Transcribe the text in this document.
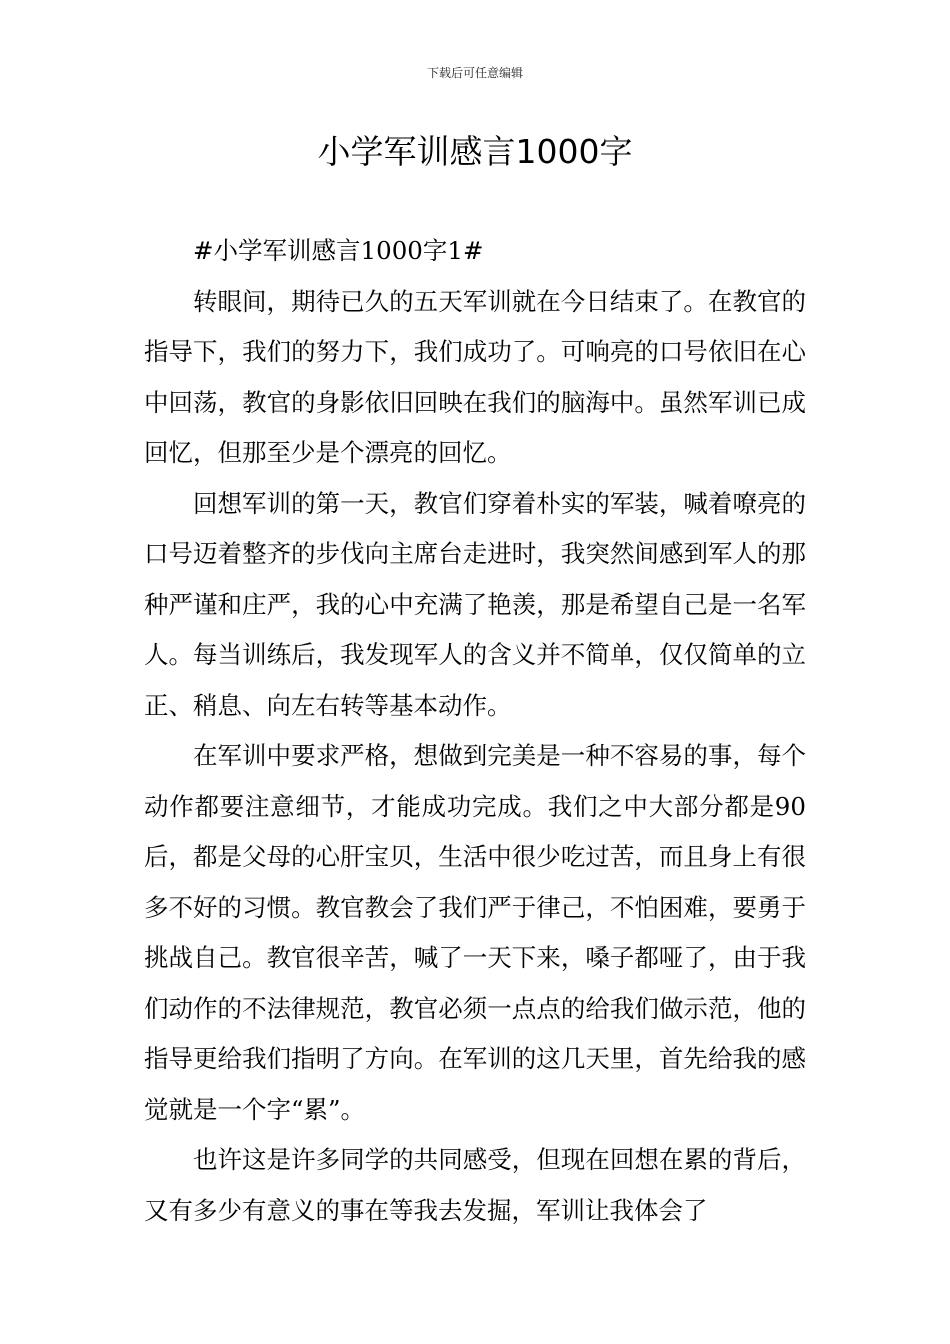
下载后可任意编辑
小学军训感言1000字

#小学军训感言1000字1#

转眼间，期待已久的五天军训就在今日结束了。在教官的指导下，我们的努力下，我们成功了。可响亮的口号依旧在心中回荡，教官的身影依旧回映在我们的脑海中。虽然军训已成回忆，但那至少是个漂亮的回忆。

回想军训的第一天，教官们穿着朴实的军装，喊着嘹亮的口号迈着整齐的步伐向主席台走进时，我突然间感到军人的那种严谨和庄严，我的心中充满了艳羡，那是希望自己是一名军人。每当训练后，我发现军人的含义并不简单，仅仅简单的立正、稍息、向左右转等基本动作。

在军训中要求严格，想做到完美是一种不容易的事，每个动作都要注意细节，才能成功完成。我们之中大部分都是90后，都是父母的心肝宝贝，生活中很少吃过苦，而且身上有很多不好的习惯。教官教会了我们严于律己，不怕困难，要勇于挑战自己。教官很辛苦，喊了一天下来，嗓子都哑了，由于我们动作的不法律规范，教官必须一点点的给我们做示范，他的指导更给我们指明了方向。在军训的这几天里，首先给我的感觉就是一个字“累”。

也许这是许多同学的共同感受，但现在回想在累的背后，又有多少有意义的事在等我去发掘，军训让我体会了
